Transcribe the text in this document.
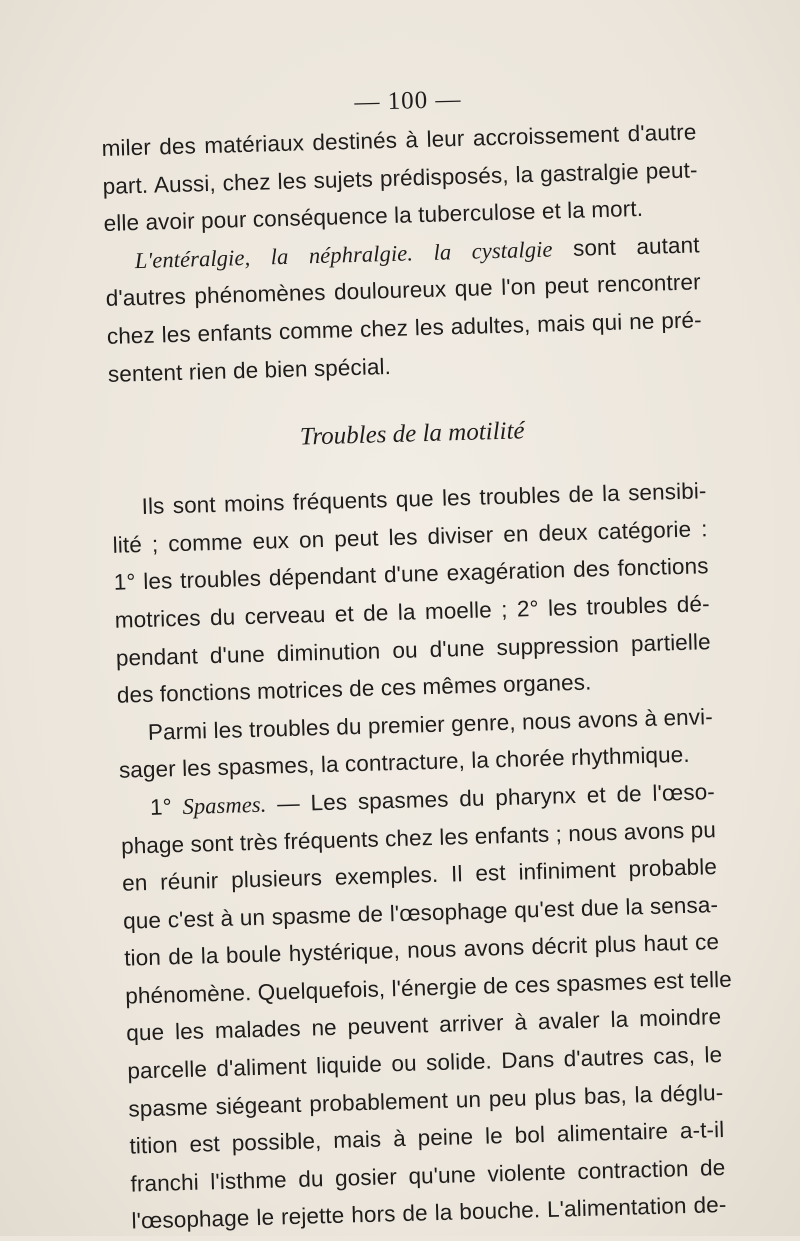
— 100 —
miler des matériaux destinés à leur accroissement d'autre
part. Aussi, chez les sujets prédisposés, la gastralgie peut-
elle avoir pour conséquence la tuberculose et la mort.
L'entéralgie, la néphralgie. la cystalgie sont autant
d'autres phénomènes douloureux que l'on peut rencontrer
chez les enfants comme chez les adultes, mais qui ne pré-
sentent rien de bien spécial.
Troubles de la motilité
Ils sont moins fréquents que les troubles de la sensibi-
lité ; comme eux on peut les diviser en deux catégorie :
1° les troubles dépendant d'une exagération des fonctions
motrices du cerveau et de la moelle ; 2° les troubles dé-
pendant d'une diminution ou d'une suppression partielle
des fonctions motrices de ces mêmes organes.
Parmi les troubles du premier genre, nous avons à envi-
sager les spasmes, la contracture, la chorée rhythmique.
1° Spasmes. — Les spasmes du pharynx et de l'œso-
phage sont très fréquents chez les enfants ; nous avons pu
en réunir plusieurs exemples. Il est infiniment probable
que c'est à un spasme de l'œsophage qu'est due la sensa-
tion de la boule hystérique, nous avons décrit plus haut ce
phénomène. Quelquefois, l'énergie de ces spasmes est telle
que les malades ne peuvent arriver à avaler la moindre
parcelle d'aliment liquide ou solide. Dans d'autres cas, le
spasme siégeant probablement un peu plus bas, la déglu-
tition est possible, mais à peine le bol alimentaire a-t-il
franchi l'isthme du gosier qu'une violente contraction de
l'œsophage le rejette hors de la bouche. L'alimentation de-
